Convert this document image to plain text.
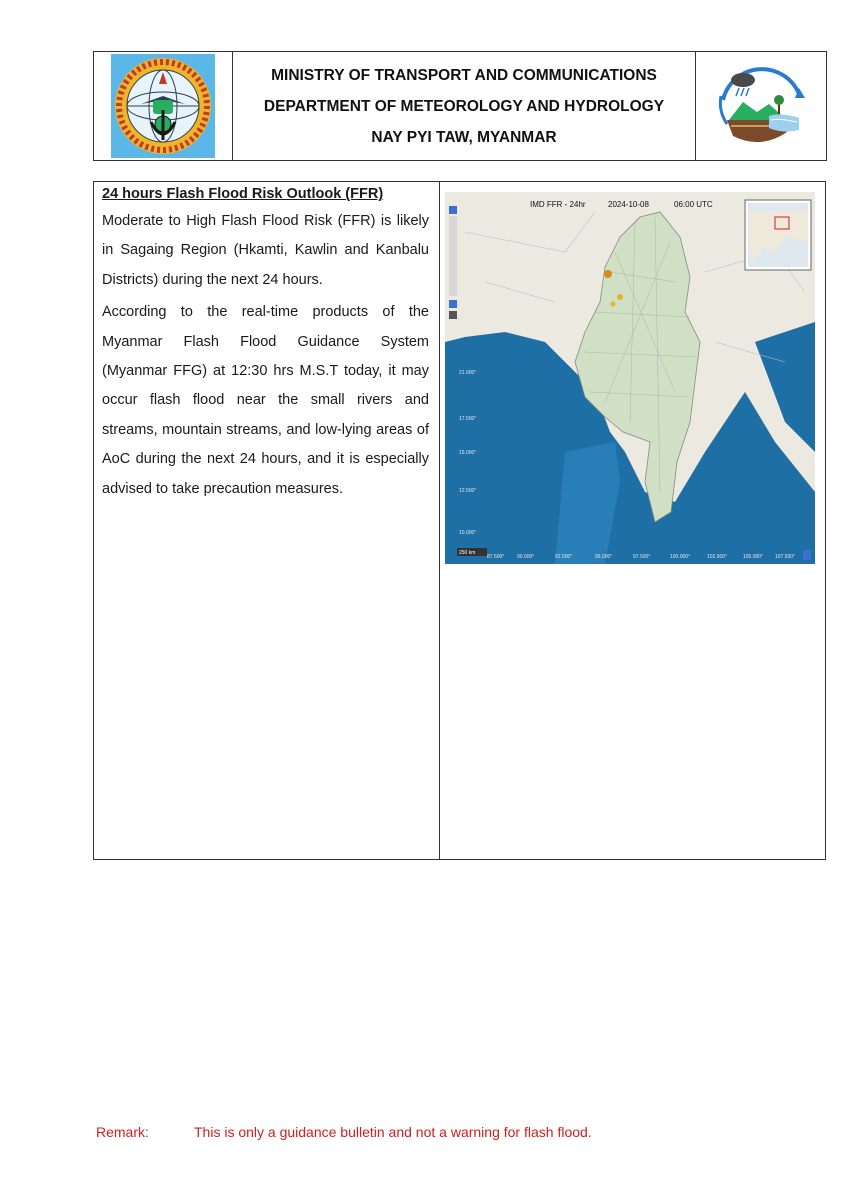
MINISTRY OF TRANSPORT AND COMMUNICATIONS
DEPARTMENT OF METEOROLOGY AND HYDROLOGY
NAY PYI TAW, MYANMAR
24 hours Flash Flood Risk Outlook (FFR)

Moderate to High Flash Flood Risk (FFR) is likely in Sagaing Region (Hkamti, Kawlin and Kanbalu Districts) during the next 24 hours.

According to the real-time products of the Myanmar Flash Flood Guidance System (Myanmar FFG) at 12:30 hrs M.S.T today, it may occur flash flood near the small rivers and streams, mountain streams, and low-lying areas of AoC during the next 24 hours, and it is especially advised to take precaution measures.

IMD FFR - 24hr	2024-10-08	06:00 UTC
250 km
21.000°
17.500°
15.000°
12.500°
10.000°
87.500°	90.000°	92.500°	95.000°	97.500°	100.000°	102.500°	105.000° 107.500°
Remark:	This is only a guidance bulletin and not a warning for flash flood.
